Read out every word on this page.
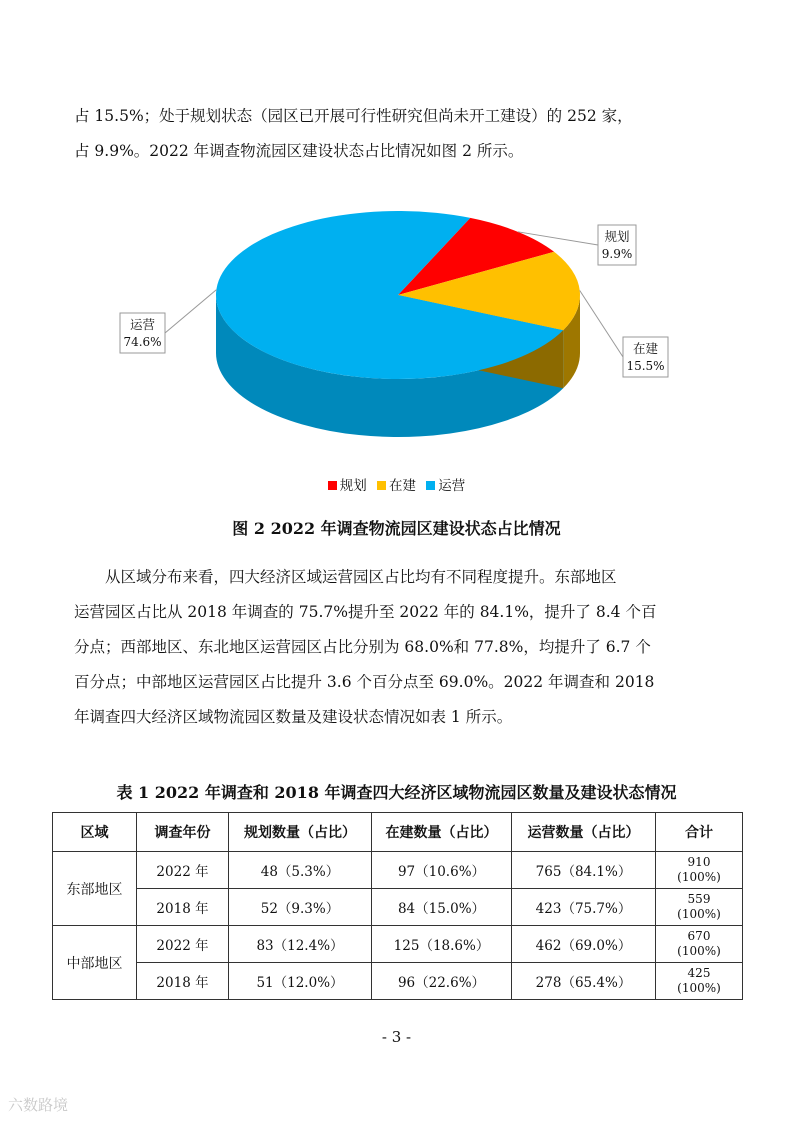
占 15.5%；处于规划状态（园区已开展可行性研究但尚未开工建设）的 252 家，
占 9.9%。2022 年调查物流园区建设状态占比情况如图 2 所示。
规划
9.9%
在建
15.5%
运营
74.6%
规划 在建 运营

图 2 2022 年调查物流园区建设状态占比情况

从区域分布来看，四大经济区域运营园区占比均有不同程度提升。东部地区
运营园区占比从 2018 年调查的 75.7%提升至 2022 年的 84.1%，提升了 8.4 个百
分点；西部地区、东北地区运营园区占比分别为 68.0%和 77.8%，均提升了 6.7 个
百分点；中部地区运营园区占比提升 3.6 个百分点至 69.0%。2022 年调查和 2018
年调查四大经济区域物流园区数量及建设状态情况如表 1 所示。

表 1 2022 年调查和 2018 年调查四大经济区域物流园区数量及建设状态情况

区域	调查年份	规划数量（占比）	在建数量（占比）	运营数量（占比）	合计
东部地区	2022 年	48（5.3%）	97（10.6%）	765（84.1%）	910
(100%)
	2018 年	52（9.3%）	84（15.0%）	423（75.7%）	559
(100%)
中部地区	2022 年	83（12.4%）	125（18.6%）	462（69.0%）	670
(100%)
	2018 年	51（12.0%）	96（22.6%）	278（65.4%）	425
(100%)
- 3 -
六数路境
